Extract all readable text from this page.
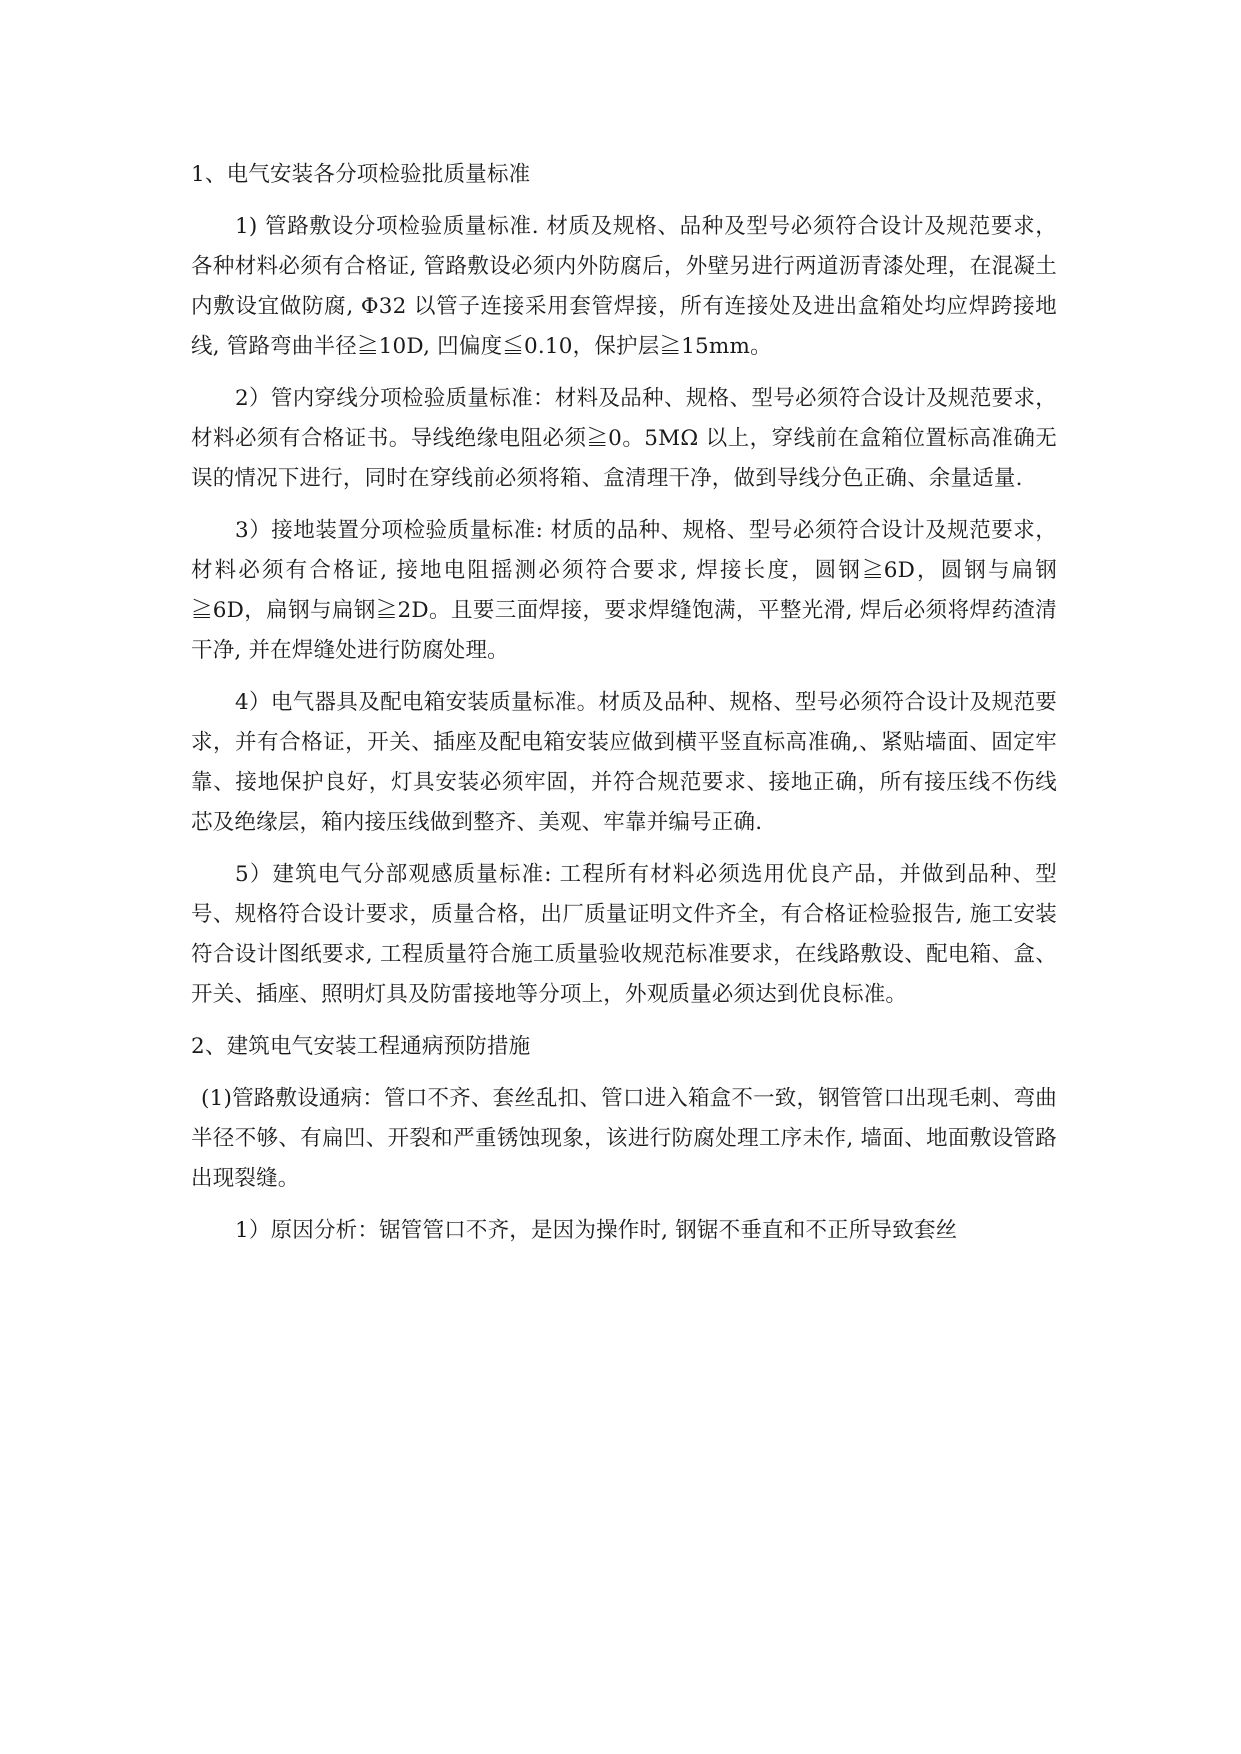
1、电气安装各分项检验批质量标准

1) 管路敷设分项检验质量标准. 材质及规格、品种及型号必须符合设计及规范要求，各种材料必须有合格证, 管路敷设必须内外防腐后，外壁另进行两道沥青漆处理，在混凝土内敷设宜做防腐, Φ32 以管子连接采用套管焊接，所有连接处及进出盒箱处均应焊跨接地线, 管路弯曲半径≧10D, 凹偏度≦0.10，保护层≧15mm。

2）管内穿线分项检验质量标准：材料及品种、规格、型号必须符合设计及规范要求，材料必须有合格证书。导线绝缘电阻必须≧0。5MΩ 以上，穿线前在盒箱位置标高准确无误的情况下进行，同时在穿线前必须将箱、盒清理干净，做到导线分色正确、余量适量.

3）接地装置分项检验质量标准: 材质的品种、规格、型号必须符合设计及规范要求，材料必须有合格证, 接地电阻摇测必须符合要求, 焊接长度，圆钢≧6D，圆钢与扁钢≧6D，扁钢与扁钢≧2D。且要三面焊接，要求焊缝饱满，平整光滑, 焊后必须将焊药渣清干净, 并在焊缝处进行防腐处理。

4）电气器具及配电箱安装质量标准。材质及品种、规格、型号必须符合设计及规范要求，并有合格证，开关、插座及配电箱安装应做到横平竖直标高准确,、紧贴墙面、固定牢靠、接地保护良好，灯具安装必须牢固，并符合规范要求、接地正确，所有接压线不伤线芯及绝缘层，箱内接压线做到整齐、美观、牢靠并编号正确.

5）建筑电气分部观感质量标准: 工程所有材料必须选用优良产品，并做到品种、型号、规格符合设计要求，质量合格，出厂质量证明文件齐全，有合格证检验报告, 施工安装符合设计图纸要求, 工程质量符合施工质量验收规范标准要求，在线路敷设、配电箱、盒、开关、插座、照明灯具及防雷接地等分项上，外观质量必须达到优良标准。

2、建筑电气安装工程通病预防措施

(1)管路敷设通病：管口不齐、套丝乱扣、管口进入箱盒不一致，钢管管口出现毛刺、弯曲半径不够、有扁凹、开裂和严重锈蚀现象，该进行防腐处理工序未作, 墙面、地面敷设管路出现裂缝。

1）原因分析：锯管管口不齐，是因为操作时, 钢锯不垂直和不正所导致套丝
